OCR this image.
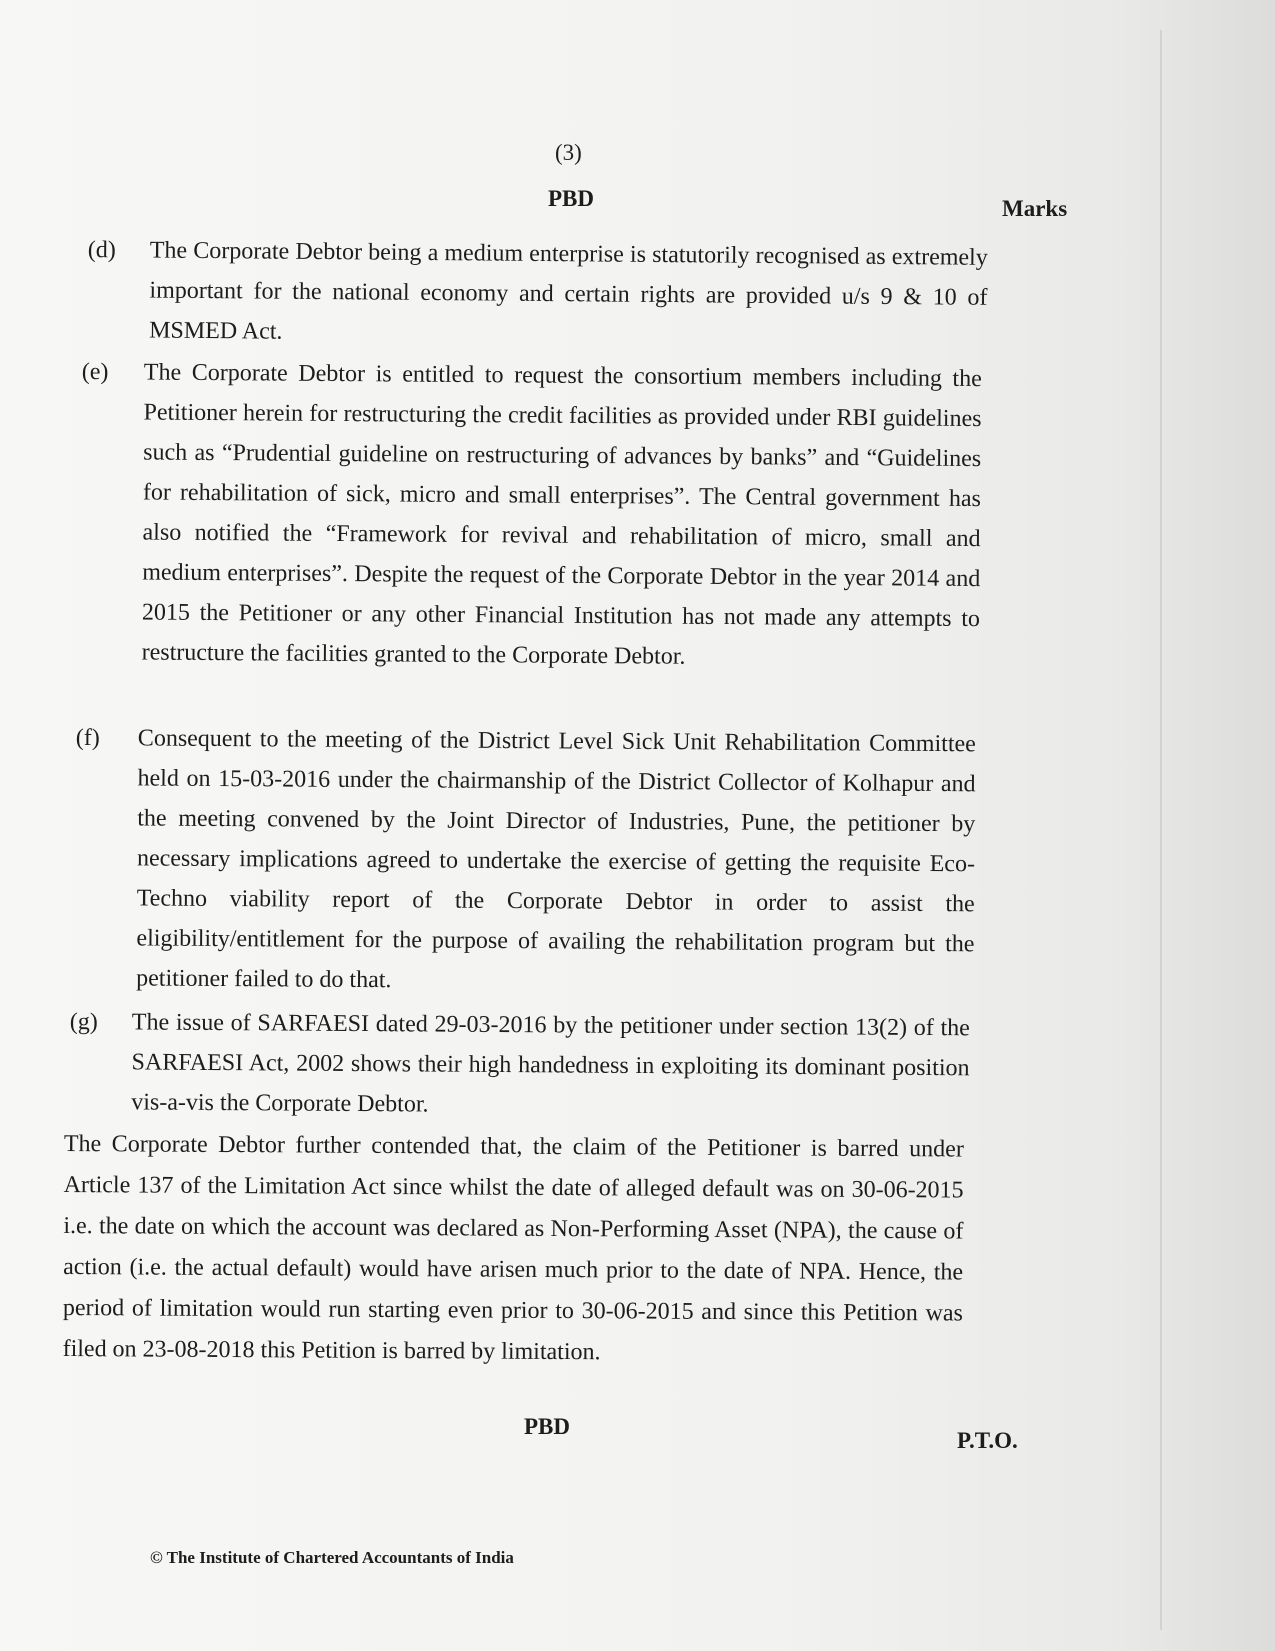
(3)
PBD	Marks
(d) The Corporate Debtor being a medium enterprise is statutorily recognised as extremely important for the national economy and certain rights are provided u/s 9 & 10 of MSMED Act.
(e) The Corporate Debtor is entitled to request the consortium members including the Petitioner herein for restructuring the credit facilities as provided under RBI guidelines such as “Prudential guideline on restructuring of advances by banks” and “Guidelines for rehabilitation of sick, micro and small enterprises”. The Central government has also notified the “Framework for revival and rehabilitation of micro, small and medium enterprises”. Despite the request of the Corporate Debtor in the year 2014 and 2015 the Petitioner or any other Financial Institution has not made any attempts to restructure the facilities granted to the Corporate Debtor.
(f) Consequent to the meeting of the District Level Sick Unit Rehabilitation Committee held on 15-03-2016 under the chairmanship of the District Collector of Kolhapur and the meeting convened by the Joint Director of Industries, Pune, the petitioner by necessary implications agreed to undertake the exercise of getting the requisite Eco-Techno viability report of the Corporate Debtor in order to assist the eligibility/entitlement for the purpose of availing the rehabilitation program but the petitioner failed to do that.
(g) The issue of SARFAESI dated 29-03-2016 by the petitioner under section 13(2) of the SARFAESI Act, 2002 shows their high handedness in exploiting its dominant position vis-a-vis the Corporate Debtor.
The Corporate Debtor further contended that, the claim of the Petitioner is barred under Article 137 of the Limitation Act since whilst the date of alleged default was on 30-06-2015 i.e. the date on which the account was declared as Non-Performing Asset (NPA), the cause of action (i.e. the actual default) would have arisen much prior to the date of NPA. Hence, the period of limitation would run starting even prior to 30-06-2015 and since this Petition was filed on 23-08-2018 this Petition is barred by limitation.
PBD
P.T.O.
© The Institute of Chartered Accountants of India
